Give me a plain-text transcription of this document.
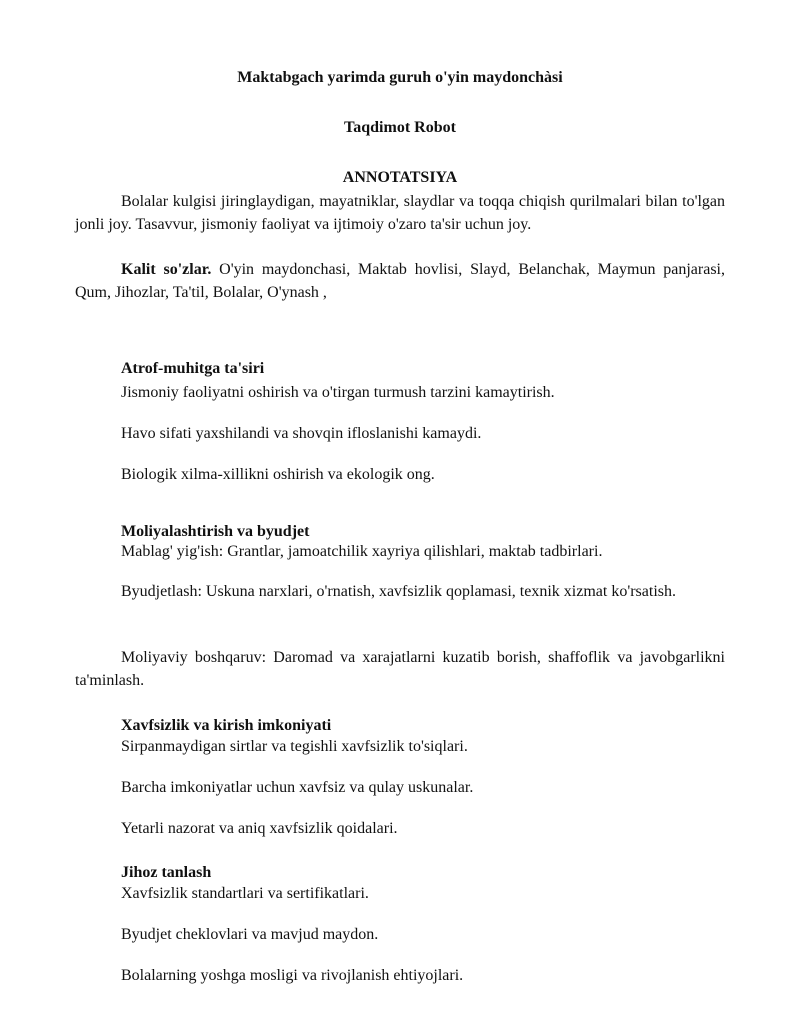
Maktabgach yarimda guruh o'yin maydonchàsi

Taqdimot Robot

ANNOTATSIYA

Bolalar kulgisi jiringlaydigan, mayatniklar, slaydlar va toqqa chiqish qurilmalari bilan to'lgan jonli joy. Tasavvur, jismoniy faoliyat va ijtimoiy o'zaro ta'sir uchun joy.

Kalit so'zlar. O'yin maydonchasi, Maktab hovlisi, Slayd, Belanchak, Maymun panjarasi, Qum, Jihozlar, Ta'til, Bolalar, O'ynash ,

Atrof-muhitga ta'siri

Jismoniy faoliyatni oshirish va o'tirgan turmush tarzini kamaytirish.

Havo sifati yaxshilandi va shovqin ifloslanishi kamaydi.

Biologik xilma-xillikni oshirish va ekologik ong.

Moliyalashtirish va byudjet

Mablag' yig'ish: Grantlar, jamoatchilik xayriya qilishlari, maktab tadbirlari.

Byudjetlash: Uskuna narxlari, o'rnatish, xavfsizlik qoplamasi, texnik xizmat ko'rsatish.

Moliyaviy boshqaruv: Daromad va xarajatlarni kuzatib borish, shaffoflik va javobgarlikni ta'minlash.

Xavfsizlik va kirish imkoniyati

Sirpanmaydigan sirtlar va tegishli xavfsizlik to'siqlari.

Barcha imkoniyatlar uchun xavfsiz va qulay uskunalar.

Yetarli nazorat va aniq xavfsizlik qoidalari.

Jihoz tanlash

Xavfsizlik standartlari va sertifikatlari.

Byudjet cheklovlari va mavjud maydon.

Bolalarning yoshga mosligi va rivojlanish ehtiyojlari.
